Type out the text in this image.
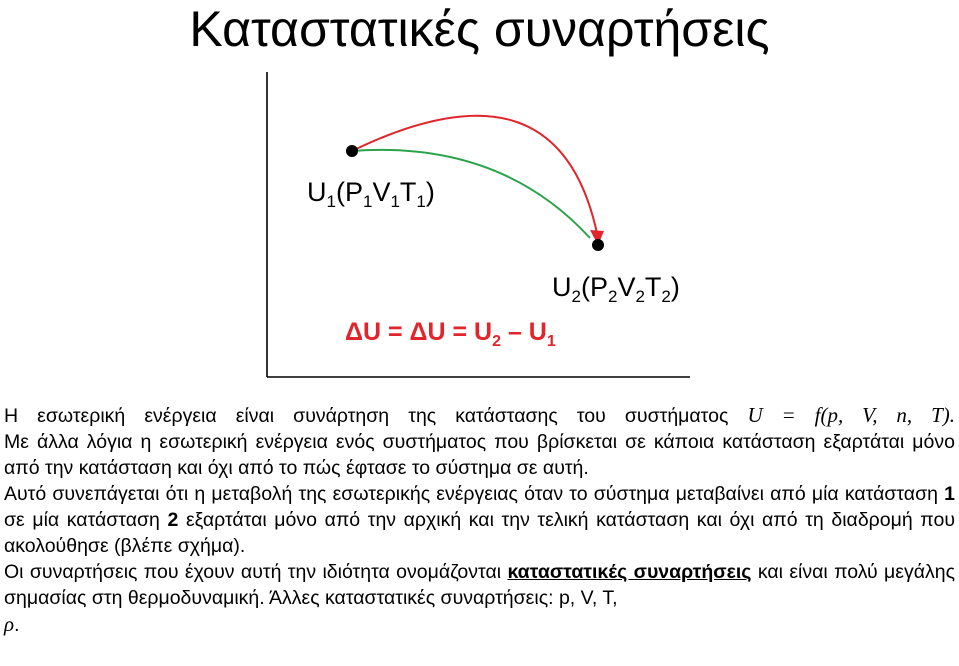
Καταστατικές συναρτήσεις
$U_1(P_1V_1T_1)$
$U_2(P_2V_2T_2)$
$\Delta U = \Delta U = U_2 - U_1$

Η εσωτερική ενέργεια είναι συνάρτηση της κατάστασης του συστήματος U = f(p, V, n, T).

Με άλλα λόγια η εσωτερική ενέργεια ενός συστήματος που βρίσκεται σε κάποια κατάσταση εξαρτάται μόνο από την κατάσταση και όχι από το πώς έφτασε το σύστημα σε αυτή.

Αυτό συνεπάγεται ότι η μεταβολή της εσωτερικής ενέργειας όταν το σύστημα μεταβαίνει από μία κατάσταση 1 σε μία κατάσταση 2 εξαρτάται μόνο από την αρχική και την τελική κατάσταση και όχι από τη διαδρομή που ακολούθησε (βλέπε σχήμα).

Οι συναρτήσεις που έχουν αυτή την ιδιότητα ονομάζονται καταστατικές συναρτήσεις και είναι πολύ μεγάλης σημασίας στη θερμοδυναμική. Άλλες καταστατικές συναρτήσεις: p, V, T,
ρ.
